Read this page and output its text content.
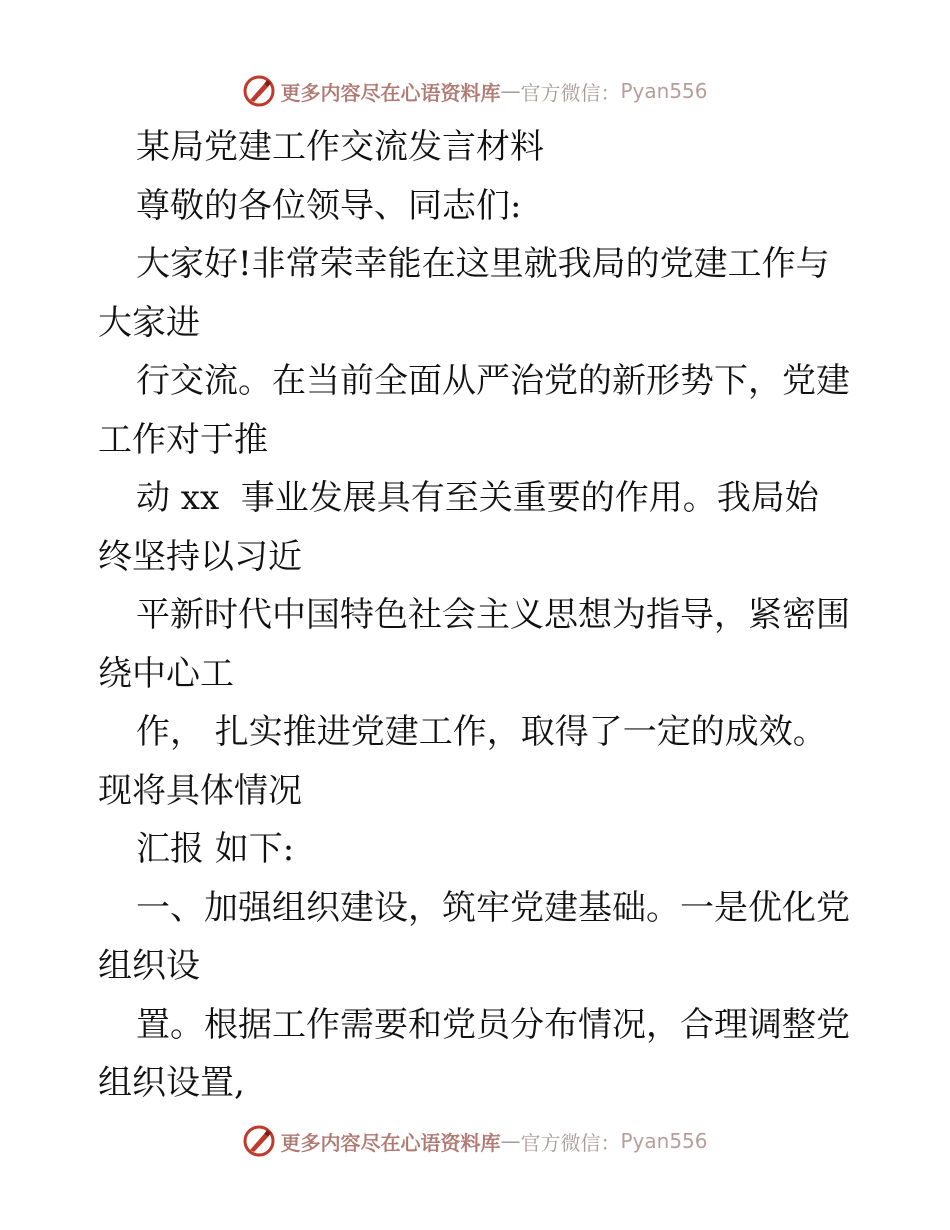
更多内容尽在心语资料库 — 官方微信： Pyan556
某局党建工作交流发言材料
尊敬的各位领导、同志们:
大家好!非常荣幸能在这里就我局的党建工作与
大家进
行交流。在当前全面从严治党的新形势下，党建
工作对于推
动 xx  事业发展具有至关重要的作用。我局始
终坚持以习近
平新时代中国特色社会主义思想为指导，紧密围
绕中心工
作， 扎实推进党建工作，取得了一定的成效。
现将具体情况
汇报 如下:
一、加强组织建设，筑牢党建基础。一是优化党
组织设
置。根据工作需要和党员分布情况，合理调整党
组织设置,
更多内容尽在心语资料库 — 官方微信： Pyan556
